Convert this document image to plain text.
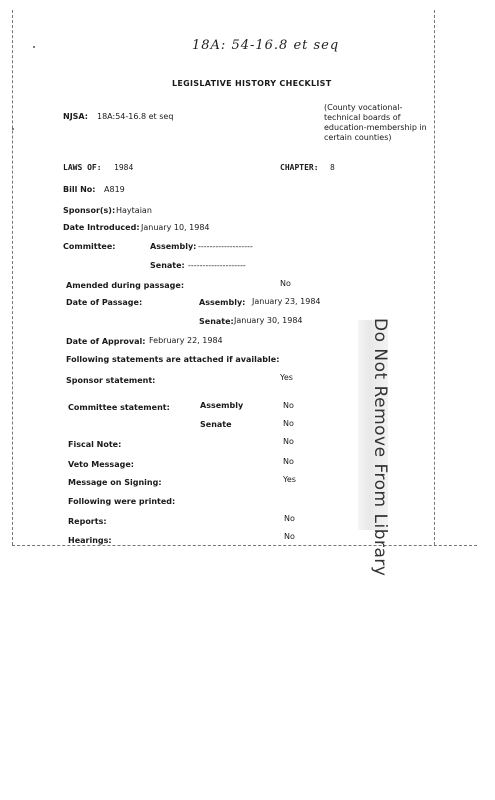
18A: 54-16.8 et seq
LEGISLATIVE HISTORY CHECKLIST
NJSA: 18A:54-16.8 et seq
(County vocational-
technical boards of
education-membership in
certain counties)
LAWS OF: 1984	CHAPTER: 8
Bill No: A819
Sponsor(s): Haytaian
Date Introduced: January 10, 1984
Committee:	Assembly: -------------------
Senate: --------------------
Amended during passage:	No
Date of Passage:	Assembly: January 23, 1984
Senate: January 30, 1984
Date of Approval: February 22, 1984
Following statements are attached if available:
Sponsor statement:	Yes
Committee statement:	Assembly	No
Senate	No
Fiscal Note:	No
Veto Message:	No
Message on Signing:	Yes
Following were printed:
Reports:	No
Hearings:	No	Do Not Remove From Library
